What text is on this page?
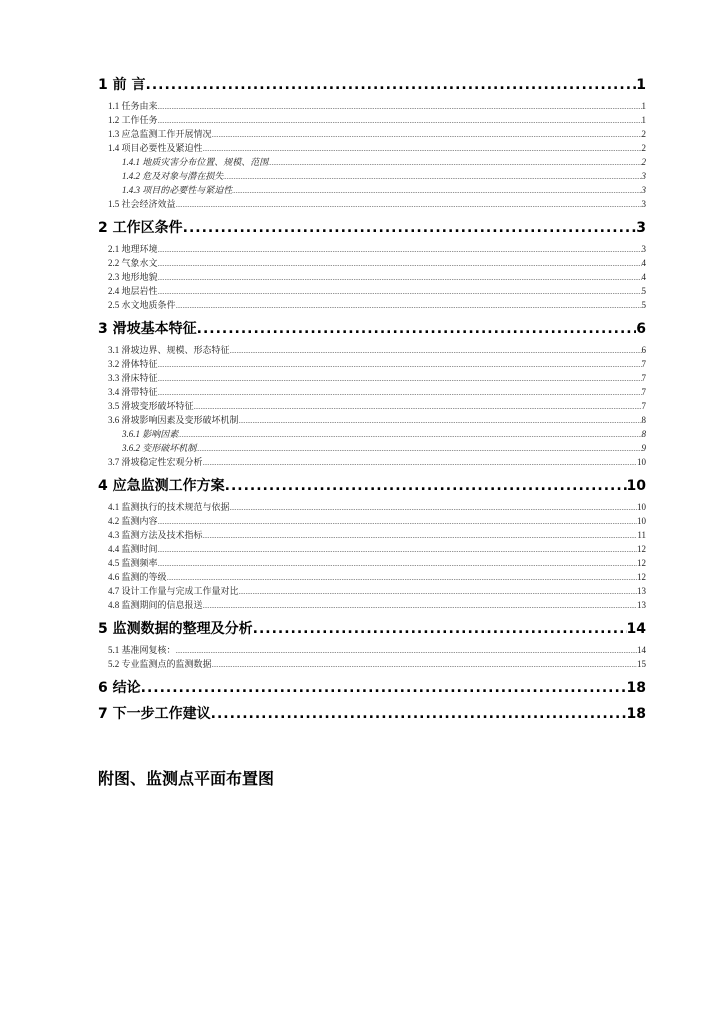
1 前 言 .....	1
1.1 任务由来 .....	1
1.2 工作任务 .....	1
1.3 应急监测工作开展情况 .....	2
1.4 项目必要性及紧迫性 .....	2
1.4.1 地质灾害分布位置、规模、范围 .....	2
1.4.2 危及对象与潜在损失 .....	3
1.4.3 项目的必要性与紧迫性 .....	3
1.5 社会经济效益 .....	3
2 工作区条件 .....	3
2.1 地理环境 .....	3
2.2 气象水文 .....	4
2.3 地形地貌 .....	4
2.4 地层岩性 .....	5
2.5 水文地质条件 .....	5
3 滑坡基本特征 .....	6
3.1 滑坡边界、规模、形态特征 .....	6
3.2 滑体特征 .....	7
3.3 滑床特征 .....	7
3.4 滑带特征 .....	7
3.5 滑坡变形破坏特征 .....	7
3.6 滑坡影响因素及变形破坏机制 .....	8
3.6.1 影响因素 .....	8
3.6.2 变形破坏机制 .....	9
3.7 滑坡稳定性宏观分析 .....	10
4 应急监测工作方案 .....	10
4.1 监测执行的技术规范与依据 .....	10
4.2 监测内容 .....	10
4.3 监测方法及技术指标 .....	11
4.4 监测时间 .....	12
4.5 监测频率 .....	12
4.6 监测的等级 .....	12
4.7 设计工作量与完成工作量对比 .....	13
4.8 监测期间的信息报送 .....	13
5 监测数据的整理及分析 .....	14
5.1 基准网复核： .....	14
5.2 专业监测点的监测数据 .....	15
6 结论 .....	18
7 下一步工作建议 .....	18
附图、监测点平面布置图
